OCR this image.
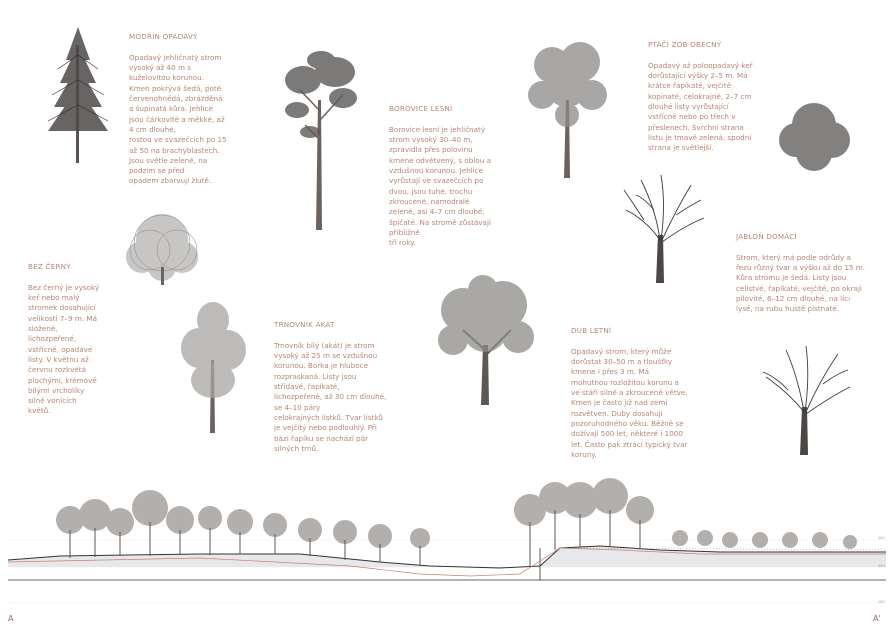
MODŘÍN OPADAVÝ

Opadavý jehličnatý strom
vysoký až 40 m s
kuželovitou korunou.
Kmen pokrývá šedá, poté
červenohnědá, zbrázděná
a šupinatá kůra. Jehlice
jsou čárkovité a měkké, až
4 cm dlouhé,
rostou ve svazečcích po 15
až 50 na brachyblastech.
Jsou světle zelené, na
podzim se před
opadem zbarvují žlutě.

BOROVICE LESNÍ

Borovice lesní je jehličnatý
strom vysoký 30–40 m,
zpravidla přes polovinu
kmene odvětvený, s oblou a
vzdušnou korunou. Jehlice
vyrůstají ve svazečcích po
dvou, jsou tuhé, trochu
zkroucené, namodralé
zelené, asi 4–7 cm dlouhé,
špičaté. Na stromě zůstávají
přibližně
tři roky.

PTAČÍ ZOB OBECNÝ

Opadavý až poloopadavý keř
dorůstající výšky 2–5 m. Má
krátce řapíkaté, vejčitě
kopinaté, celokrajné, 2–7 cm
dlouhé listy vyrůstající
vstřícně nebo po třech v
přeslenech. Svrchní strana
listu je tmavě zelená, spodní
strana je světlejší.

BEZ ČERNÝ

Bez černý je vysoký
keř nebo malý
stromek dosahující
velikosti 7–9 m. Má
složené,
lichozpeřené,
vstřícné, opadavé
listy. V květnu až
červnu rozkvétá
plochými, krémově
bílými vrcholíky
silně vonících
květů.

TRNOVNÍK AKÁT

Trnovník bílý (akát) je strom
vysoký až 25 m se vzdušnou
korunou. Borka je hluboce
rozpraskaná. Listy jsou
střídavé, řapíkaté,
lichozpeřené, až 30 cm dlouhé,
se 4–10 páry
celokrajných lístků. Tvar lístků
je vejčitý nebo podlouhlý. Při
bázi řapíku se nachází pár
silných trnů.

DUB LETNÍ

Opadavý strom, který může
dorůstat 30–50 m a tloušťky
kmene i přes 3 m. Má
mohutnou rozložitou korunu a
ve stáří silné a zkroucené větve.
Kmen je často již nad zemí
rozvětven. Duby dosahují
pozoruhodného věku. Běžně se
dožívají 500 let, některé i 1000
let. Často pak ztrácí typický tvar
koruny.

JABLOŇ DOMÁCÍ

Strom, který má podle odrůdy a
řezu různý tvar a výšku až do 15 m.
Kůra stromu je šedá. Listy jsou
celistvé, řapíkaté, vejčité, po okraji
pilovité, 6–12 cm dlouhé, na líci
lysé, na rubu hustě plstnaté.

A	A'
165
250
180
